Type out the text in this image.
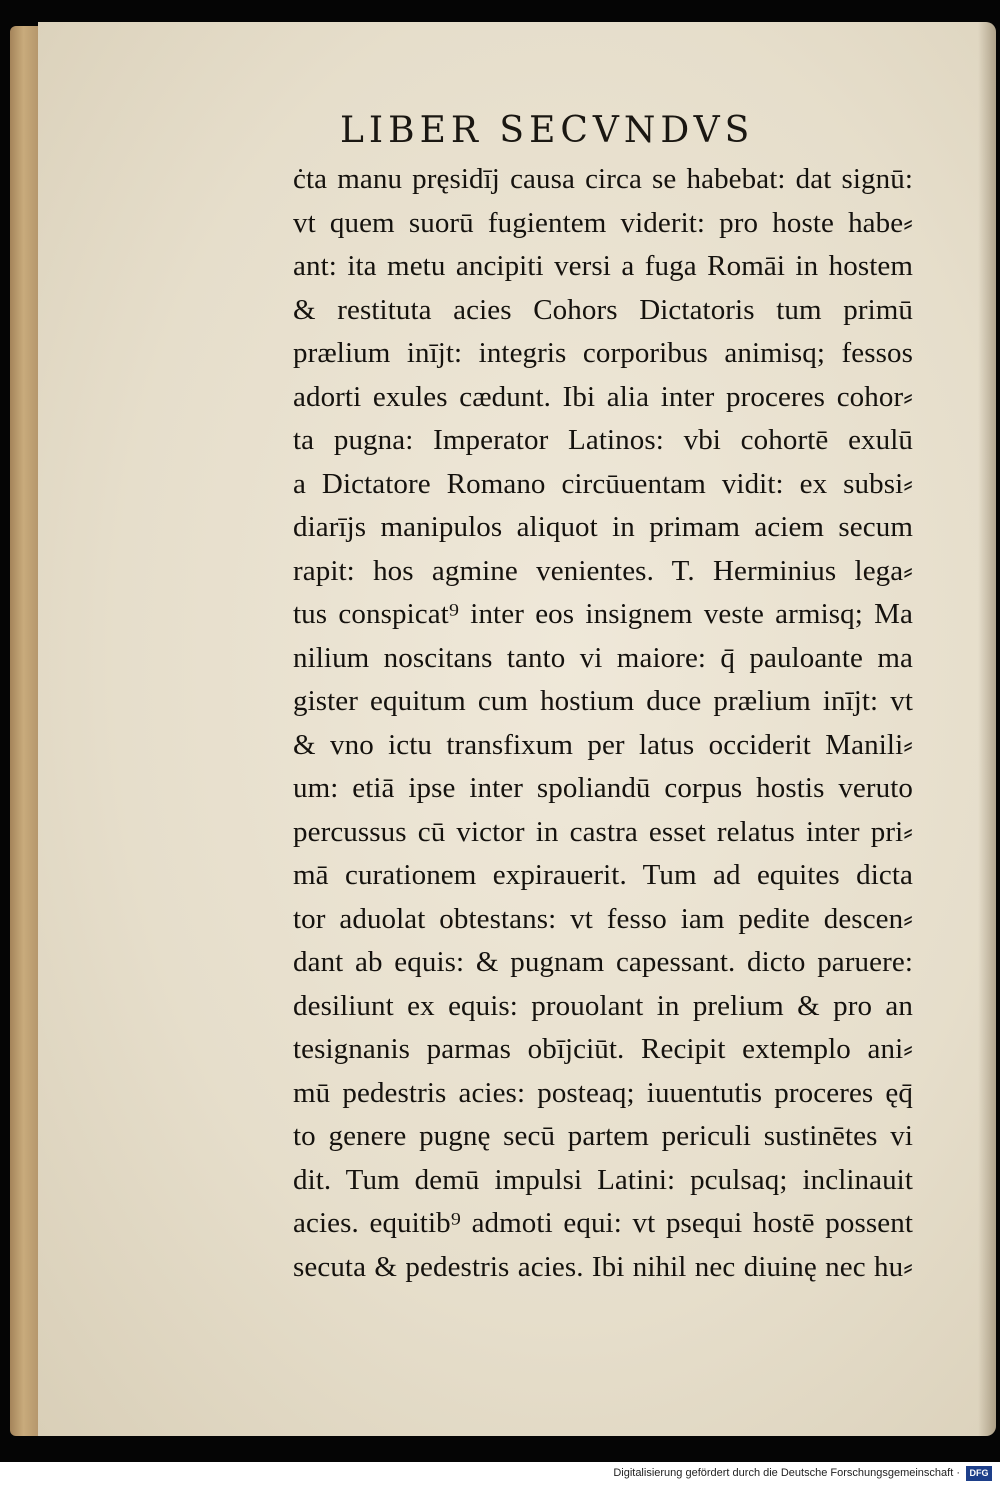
LIBER SECVNDVS
ċta manu pręsidīj causa circa se habebat: dat signū:
vt quem suorū fugientem viderit: pro hoste habe⸗
ant: ita metu ancipiti versi a fuga Romāi in hostem
& restituta acies Cohors Dictatoris tum primū
prælium inījt: integris corporibus animisq; fessos
adorti exules cædunt. Ibi alia inter proceres cohor⸗
ta pugna: Imperator Latinos: vbi cohortē exulū
a Dictatore Romano circūuentam vidit: ex subsi⸗
diarījs manipulos aliquot in primam aciem secum
rapit: hos agmine venientes. T. Herminius lega⸗
tus conspicat⁹ inter eos insignem veste armisq; Ma
nilium noscitans tanto vi maiore: q̄ pauloante ma
gister equitum cum hostium duce prælium inījt: vt
& vno ictu transfixum per latus occiderit Manili⸗
um: etiā ipse inter spoliandū corpus hostis veruto
percussus cū victor in castra esset relatus inter pri⸗
mā curationem expirauerit. Tum ad equites dicta
tor aduolat obtestans: vt fesso iam pedite descen⸗
dant ab equis: & pugnam capessant. dicto paruere:
desiliunt ex equis: prouolant in prelium & pro an
tesignanis parmas obījciūt. Recipit extemplo ani⸗
mū pedestris acies: posteaq; iuuentutis proceres ęq̄
to genere pugnę secū partem periculi sustinētes vi
dit. Tum demū impulsi Latini: pculsaq; inclinauit
acies. equitib⁹ admoti equi: vt psequi hostē possent
secuta & pedestris acies. Ibi nihil nec diuinę nec hu⸗
Digitalisierung gefördert durch die Deutsche Forschungsgemeinschaft ·	DFG
